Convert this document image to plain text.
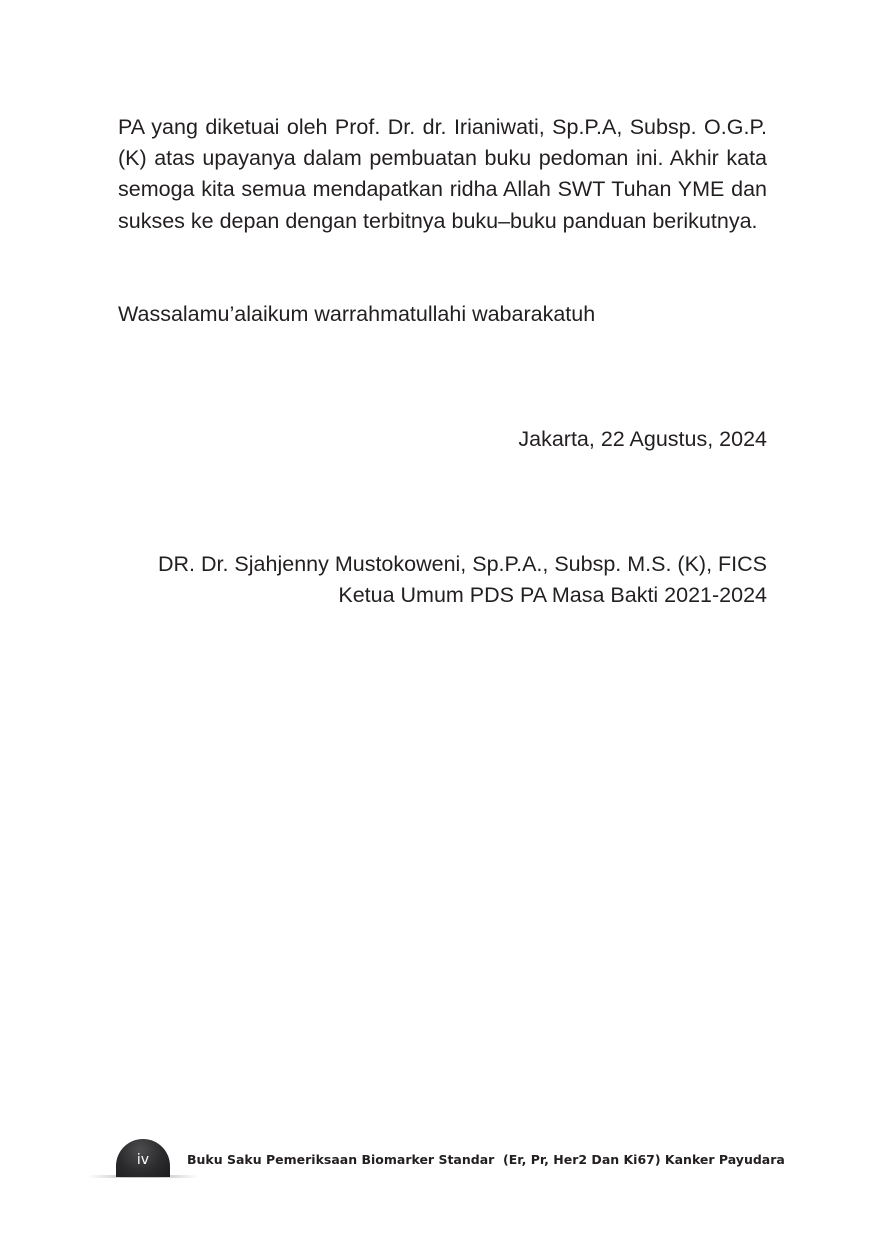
PA yang diketuai oleh Prof. Dr. dr. Irianiwati, Sp.P.A, Subsp. O.G.P.(K) atas upayanya dalam pembuatan buku pedoman ini. Akhir kata semoga kita semua mendapatkan ridha Allah SWT Tuhan YME dan sukses ke depan dengan terbitnya buku–buku panduan berikutnya.

Wassalamu’alaikum warrahmatullahi wabarakatuh

Jakarta, 22 Agustus, 2024

DR. Dr. Sjahjenny Mustokoweni, Sp.P.A., Subsp. M.S. (K), FICS
Ketua Umum PDS PA Masa Bakti 2021-2024
iv	Buku Saku Pemeriksaan Biomarker Standar  (Er, Pr, Her2 Dan Ki67) Kanker Payudara
